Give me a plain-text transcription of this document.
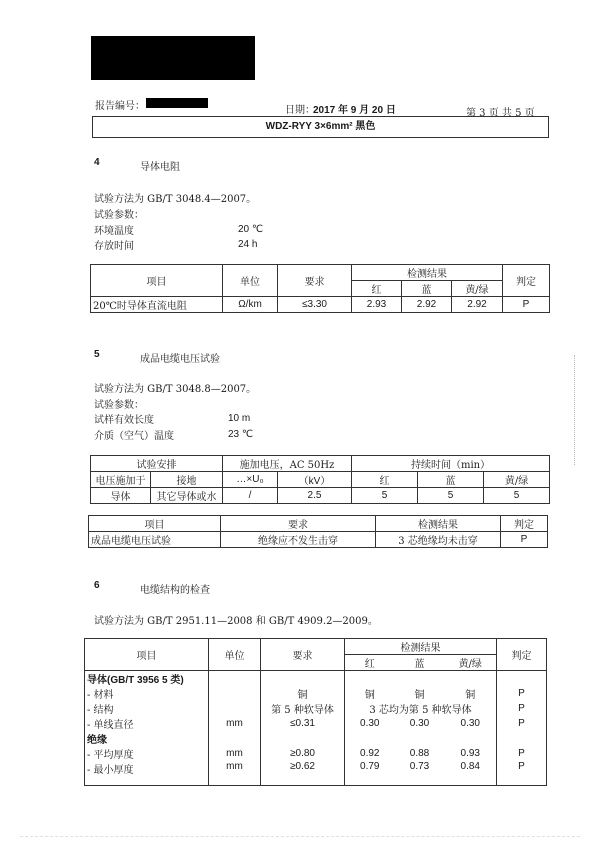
报告编号：	日期：
2017 年 9 月 20 日	第 3 页 共 5 页
WDZ-RYY 3×6mm² 黑色
4	导体电阻
试验方法为 GB/T 3048.4—2007。
试验参数：
环境温度	20 ℃
存放时间	24 h
项目	单位	要求	检测结果			判定
			红	蓝	黄/绿	
20℃时导体直流电阻	Ω/km	≤3.30	2.93	2.92	2.92	P
5	成品电缆电压试验
试验方法为 GB/T 3048.8—2007。
试验参数：
试样有效长度	10 m
介质（空气）温度	23 ℃
试验安排		施加电压，AC 50Hz		持续时间（min）		
电压施加于	接地	…×U₀	（kV）	红	蓝	黄/绿
导体	其它导体或水	/	2.5	5	5	5
项目	要求	检测结果	判定
成品电缆电压试验	绝缘应不发生击穿	3 芯绝缘均未击穿	P
6	电缆结构的检查
试验方法为 GB/T 2951.11—2008 和 GB/T 4909.2—2009。
项目	单位	要求	检测结果			判定
			红	蓝	黄/绿	
导体(GB/T 3956 5 类)						
- 材料		铜	铜	铜	铜	P
- 结构		第 5 种软导体	3 芯均为第 5 种软导体			P
- 单线直径	mm	≤0.31	0.30	0.30	0.30	P
绝缘						
- 平均厚度	mm	≥0.80	0.92	0.88	0.93	P
- 最小厚度	mm	≥0.62	0.79	0.73	0.84	P
